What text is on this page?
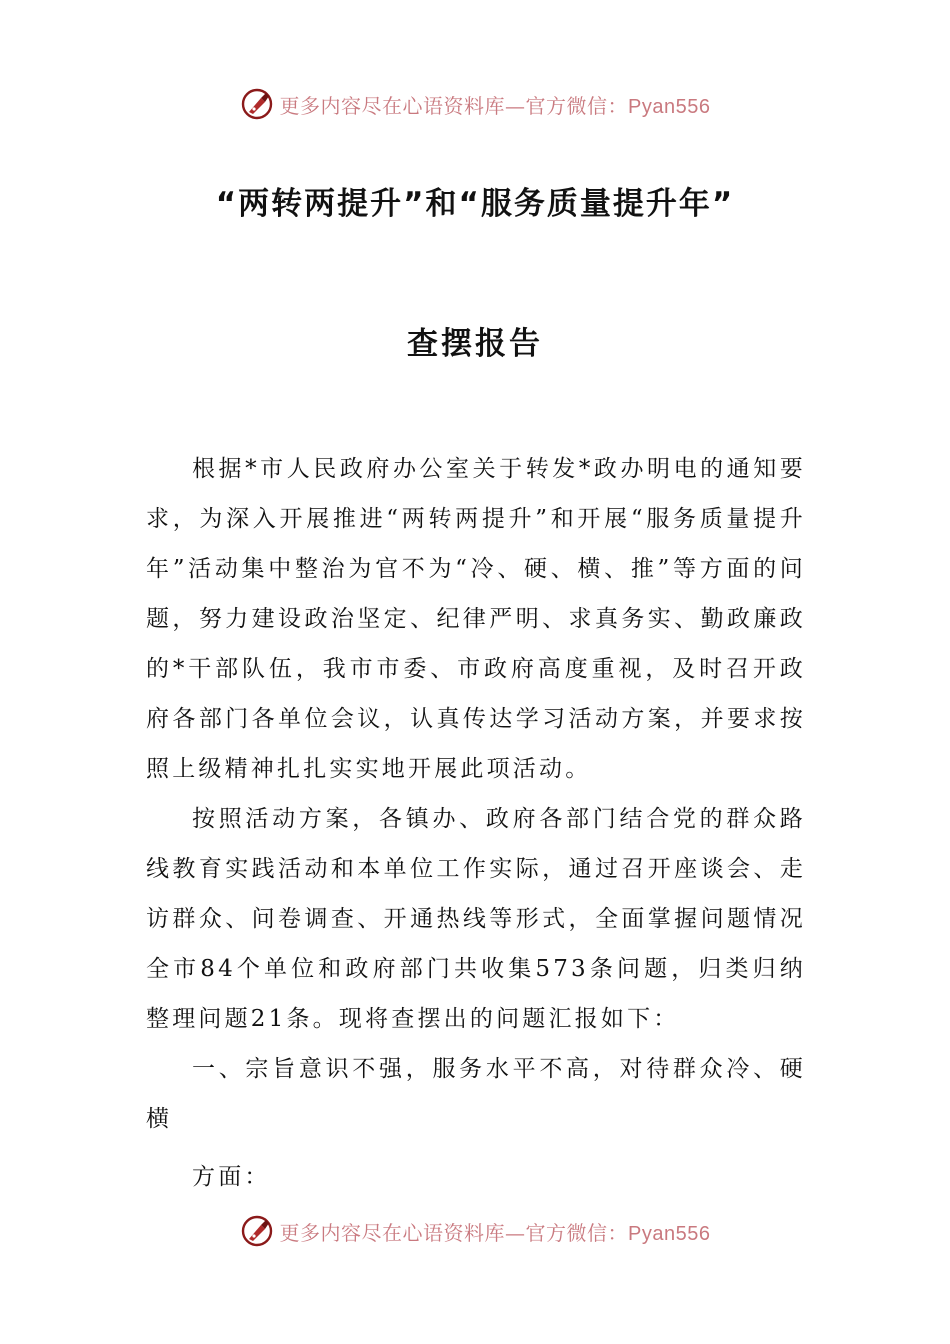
更多内容尽在心语资料库—官方微信：Pyan556
“两转两提升”和“服务质量提升年”
查摆报告

根据*市人民政府办公室关于转发*政办明电的通知要求，为深入开展推进“两转两提升”和开展“服务质量提升年”活动集中整治为官不为“冷、硬、横、推”等方面的问题，努力建设政治坚定、纪律严明、求真务实、勤政廉政的*干部队伍，我市市委、市政府高度重视，及时召开政府各部门各单位会议，认真传达学习活动方案，并要求按照上级精神扎扎实实地开展此项活动。

按照活动方案，各镇办、政府各部门结合党的群众路线教育实践活动和本单位工作实际，通过召开座谈会、走访群众、问卷调查、开通热线等形式，全面掌握问题情况全市84个单位和政府部门共收集573条问题，归类归纳整理问题21条。现将查摆出的问题汇报如下：

一、宗旨意识不强，服务水平不高，对待群众冷、硬横

方面：

更多内容尽在心语资料库—官方微信：Pyan556
